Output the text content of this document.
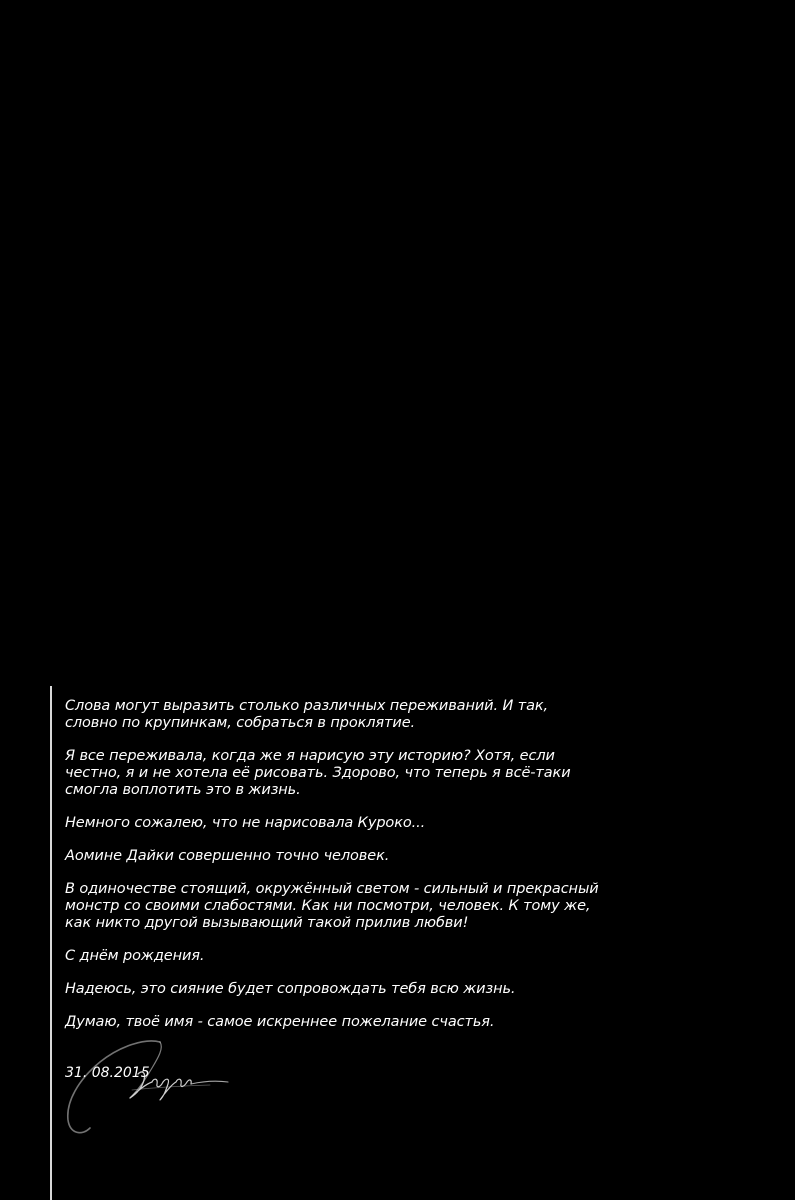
Слова могут выразить столько различных переживаний. И так,
словно по крупинкам, собраться в проклятие.

Я все переживала, когда же я нарисую эту историю? Хотя, если
честно, я и не хотела её рисовать. Здорово, что теперь я всё-таки
смогла воплотить это в жизнь.

Немного сожалею, что не нарисовала Куроко...

Аомине Дайки совершенно точно человек.

В одиночестве стоящий, окружённый светом - сильный и прекрасный
монстр со своими слабостями. Как ни посмотри, человек. К тому же,
как никто другой вызывающий такой прилив любви!

С днём рождения.

Надеюсь, это сияние будет сопровождать тебя всю жизнь.

Думаю, твоё имя - самое искреннее пожелание счастья.

31. 08.2015
